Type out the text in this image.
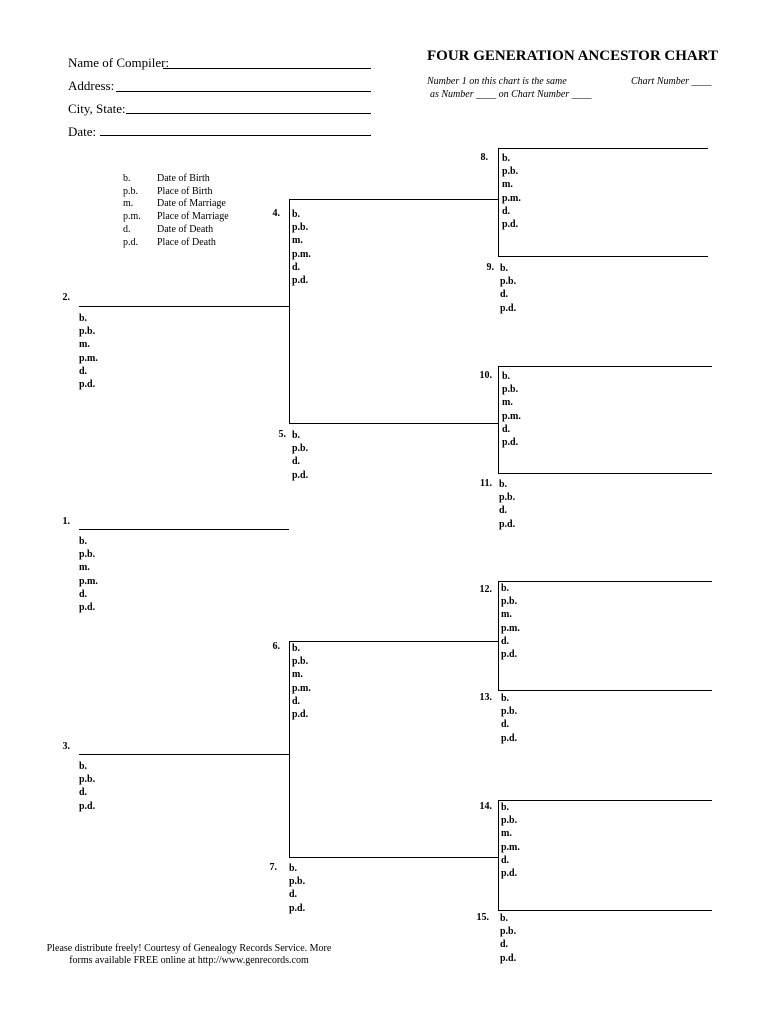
Name of Compiler:
Address:
City, State:
Date:
FOUR GENERATION ANCESTOR CHART
Number 1 on this chart is the same
as Number ____ on Chart Number ____
Chart Number ____
b.
p.b.
m.
p.m.
d.
p.d.
Date of Birth
Place of Birth
Date of Marriage
Place of Marriage
Date of Death
Place of Death
1.
b.
p.b.
m.
p.m.
d.
p.d.
2.
b.
p.b.
m.
p.m.
d.
p.d.
3.
b.
p.b.
d.
p.d.
4. b.
p.b.
m.
p.m.
d.
p.d.
5. b.
p.b.
d.
p.d.
6. b.
p.b.
m.
p.m.
d.
p.d.
7. b.
p.b.
d.
p.d.
8. b.
p.b.
m.
p.m.
d.
p.d.
9. b.
p.b.
d.
p.d.
10. b.
p.b.
m.
p.m.
d.
p.d.
11. b.
p.b.
d.
p.d.
12. b.
p.b.
m.
p.m.
d.
p.d.
13. b.
p.b.
d.
p.d.
14. b.
p.b.
m.
p.m.
d.
p.d.
15. b.
p.b.
d.
p.d.
Please distribute freely! Courtesy of Genealogy Records Service. More
forms available FREE online at http://www.genrecords.com
